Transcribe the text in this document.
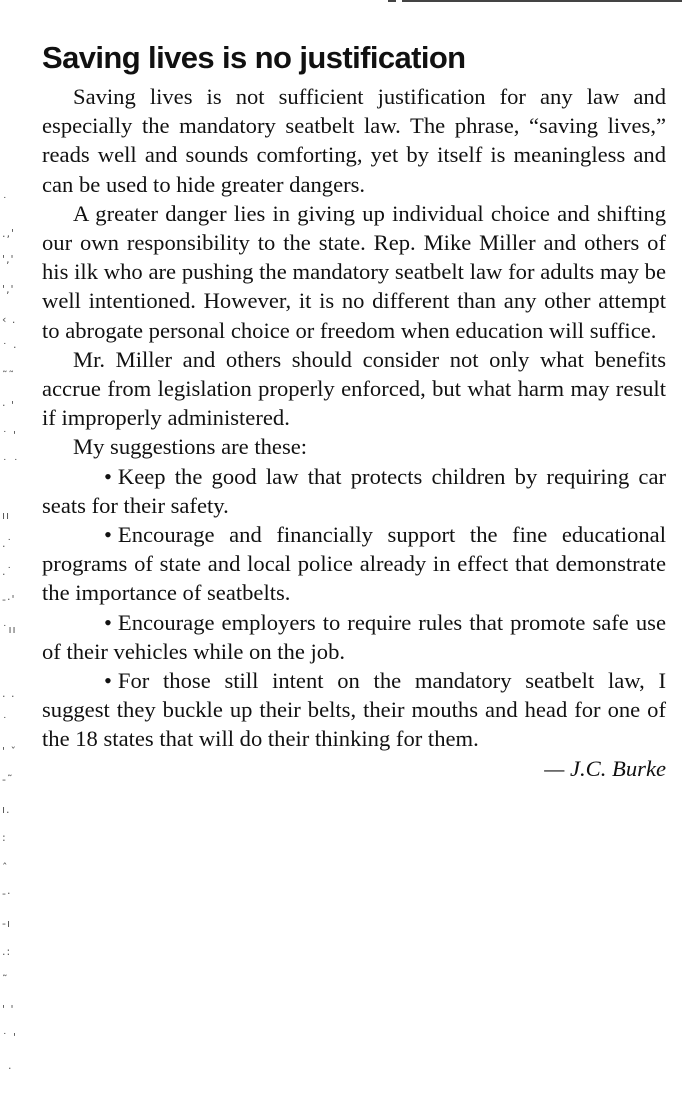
˙
.‚'
'‚'
'‚'
‹ .
˙ ·
˜˜
· '
˙ '
˙ ˙
ıı
.˙
.˙
-·'
˙ıı
. .
˙
' ˇ
-˜
ı.
:
ˆ
-·
-ı
.:
˜
' '
˙ '
Saving lives is no justification

Saving lives is not sufficient justification for any law and especially the mandatory seatbelt law. The phrase, “saving lives,” reads well and sounds comforting, yet by itself is meaningless and can be used to hide greater dangers.

A greater danger lies in giving up individual choice and shifting our own responsibility to the state. Rep. Mike Miller and others of his ilk who are pushing the mandatory seatbelt law for adults may be well intentioned. However, it is no different than any other attempt to abrogate personal choice or freedom when education will suffice.

Mr. Miller and others should consider not only what benefits accrue from legislation properly enforced, but what harm may result if improperly administered.

My suggestions are these:

• Keep the good law that protects children by requiring car seats for their safety.

• Encourage and financially support the fine educational programs of state and local police already in effect that demonstrate the importance of seatbelts.

• Encourage employers to require rules that promote safe use of their vehicles while on the job.

• For those still intent on the mandatory seatbelt law, I suggest they buckle up their belts, their mouths and head for one of the 18 states that will do their thinking for them.

— J.C. Burke

·
